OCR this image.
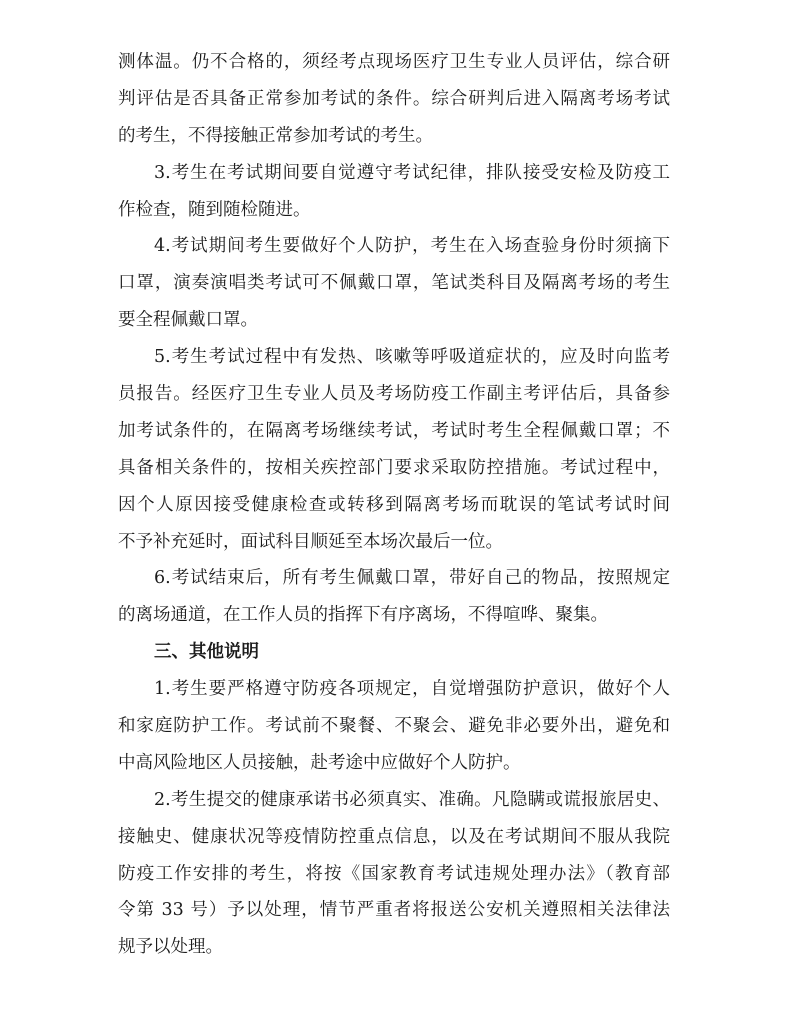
测体温。仍不合格的，须经考点现场医疗卫生专业人员评估，综合研
判评估是否具备正常参加考试的条件。综合研判后进入隔离考场考试
的考生，不得接触正常参加考试的考生。
3.考生在考试期间要自觉遵守考试纪律，排队接受安检及防疫工
作检查，随到随检随进。
4.考试期间考生要做好个人防护，考生在入场查验身份时须摘下
口罩，演奏演唱类考试可不佩戴口罩，笔试类科目及隔离考场的考生
要全程佩戴口罩。
5.考生考试过程中有发热、咳嗽等呼吸道症状的，应及时向监考
员报告。经医疗卫生专业人员及考场防疫工作副主考评估后，具备参
加考试条件的，在隔离考场继续考试，考试时考生全程佩戴口罩；不
具备相关条件的，按相关疾控部门要求采取防控措施。考试过程中，
因个人原因接受健康检查或转移到隔离考场而耽误的笔试考试时间
不予补充延时，面试科目顺延至本场次最后一位。
6.考试结束后，所有考生佩戴口罩，带好自己的物品，按照规定
的离场通道，在工作人员的指挥下有序离场，不得喧哗、聚集。
三、其他说明
1.考生要严格遵守防疫各项规定，自觉增强防护意识，做好个人
和家庭防护工作。考试前不聚餐、不聚会、避免非必要外出，避免和
中高风险地区人员接触，赴考途中应做好个人防护。
2.考生提交的健康承诺书必须真实、准确。凡隐瞒或谎报旅居史、
接触史、健康状况等疫情防控重点信息，以及在考试期间不服从我院
防疫工作安排的考生，将按《国家教育考试违规处理办法》（教育部
令第 33 号）予以处理，情节严重者将报送公安机关遵照相关法律法
规予以处理。
